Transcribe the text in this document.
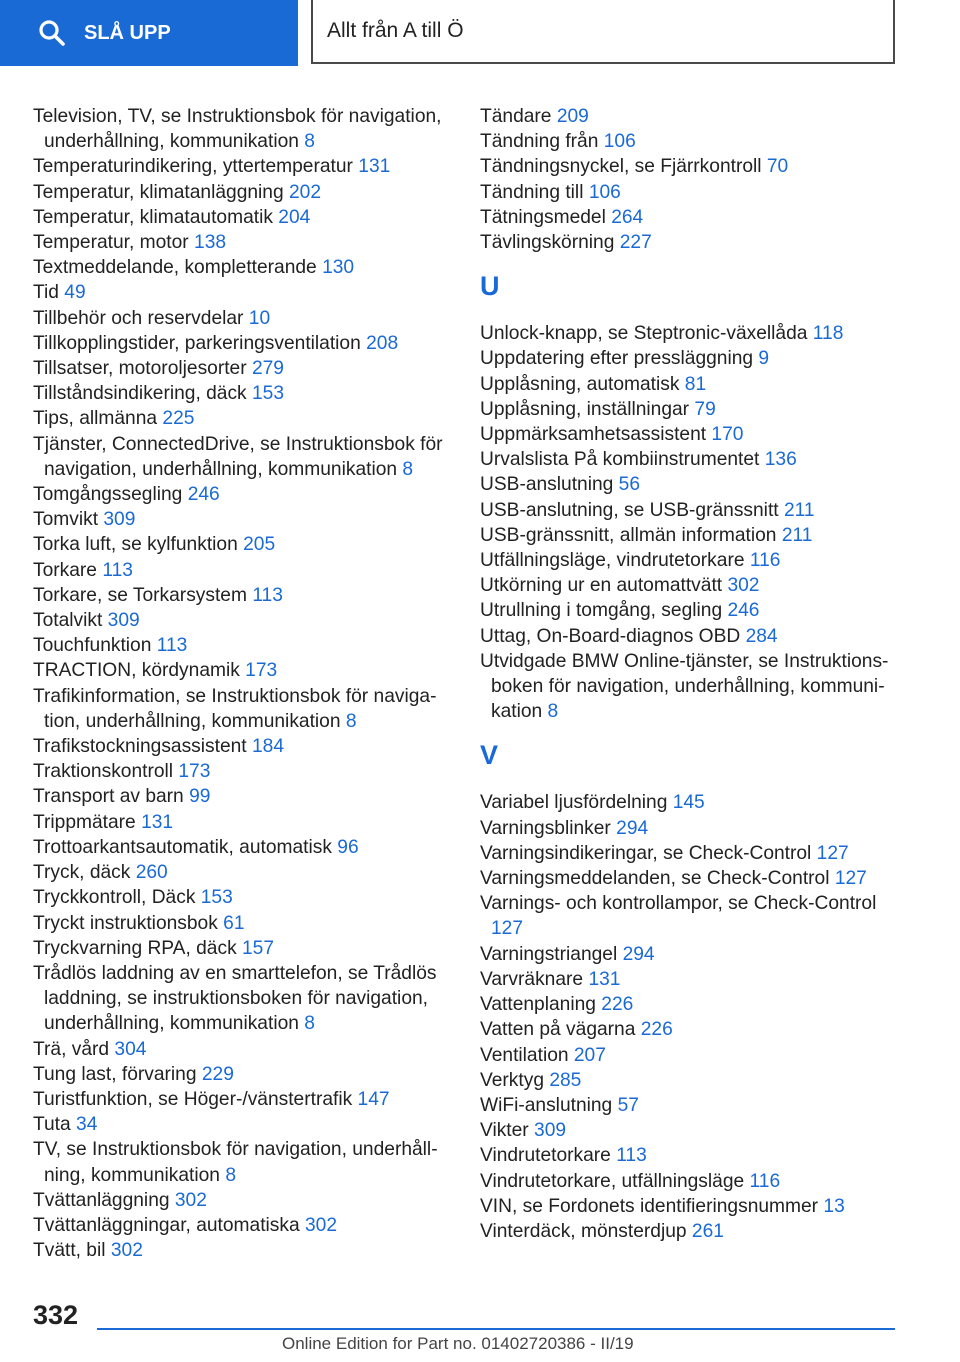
SLÅ UPP	Allt från A till Ö

Television, TV, se Instruktionsbok för navigation, underhållning, kommunikation 8

Temperaturindikering, yttertemperatur 131

Temperatur, klimatanläggning 202

Temperatur, klimatautomatik 204

Temperatur, motor 138

Textmeddelande, kompletterande 130

Tid 49

Tillbehör och reservdelar 10

Tillkopplingstider, parkeringsventilation 208

Tillsatser, motoroljesorter 279

Tillståndsindikering, däck 153

Tips, allmänna 225

Tjänster, ConnectedDrive, se Instruktionsbok för navigation, underhållning, kommunikation 8

Tomgångssegling 246

Tomvikt 309

Torka luft, se kylfunktion 205

Torkare 113

Torkare, se Torkarsystem 113

Totalvikt 309

Touchfunktion 113

TRACTION, kördynamik 173

Trafikinformation, se Instruktionsbok för navigation, underhållning, kommunikation 8

Trafikstockningsassistent 184

Traktionskontroll 173

Transport av barn 99

Trippmätare 131

Trottoarkantsautomatik, automatisk 96

Tryck, däck 260

Tryckkontroll, Däck 153

Tryckt instruktionsbok 61

Tryckvarning RPA, däck 157

Trådlös laddning av en smarttelefon, se Trådlös laddning, se instruktionsboken för navigation, underhållning, kommunikation 8

Trä, vård 304

Tung last, förvaring 229

Turistfunktion, se Höger-/vänstertrafik 147

Tuta 34

TV, se Instruktionsbok för navigation, underhållning, kommunikation 8

Tvättanläggning 302

Tvättanläggningar, automatiska 302

Tvätt, bil 302

Tändare 209

Tändning från 106

Tändningsnyckel, se Fjärrkontroll 70

Tändning till 106

Tätningsmedel 264

Tävlingskörning 227

U

Unlock-knapp, se Steptronic-växellåda 118

Uppdatering efter pressläggning 9

Upplåsning, automatisk 81

Upplåsning, inställningar 79

Uppmärksamhetsassistent 170

Urvalslista På kombiinstrumentet 136

USB-anslutning 56

USB-anslutning, se USB-gränssnitt 211

USB-gränssnitt, allmän information 211

Utfällningsläge, vindrutetorkare 116

Utkörning ur en automattvätt 302

Utrullning i tomgång, segling 246

Uttag, On-Board-diagnos OBD 284

Utvidgade BMW Online-tjänster, se Instruktionsboken för navigation, underhållning, kommunikation 8

V

Variabel ljusfördelning 145

Varningsblinker 294

Varningsindikeringar, se Check-Control 127

Varningsmeddelanden, se Check-Control 127

Varnings- och kontrollampor, se Check-Control 127

Varningstriangel 294

Varvräknare 131

Vattenplaning 226

Vatten på vägarna 226

Ventilation 207

Verktyg 285

WiFi-anslutning 57

Vikter 309

Vindrutetorkare 113

Vindrutetorkare, utfällningsläge 116

VIN, se Fordonets identifieringsnummer 13

Vinterdäck, mönsterdjup 261

332
Online Edition for Part no. 01402720386 - II/19
